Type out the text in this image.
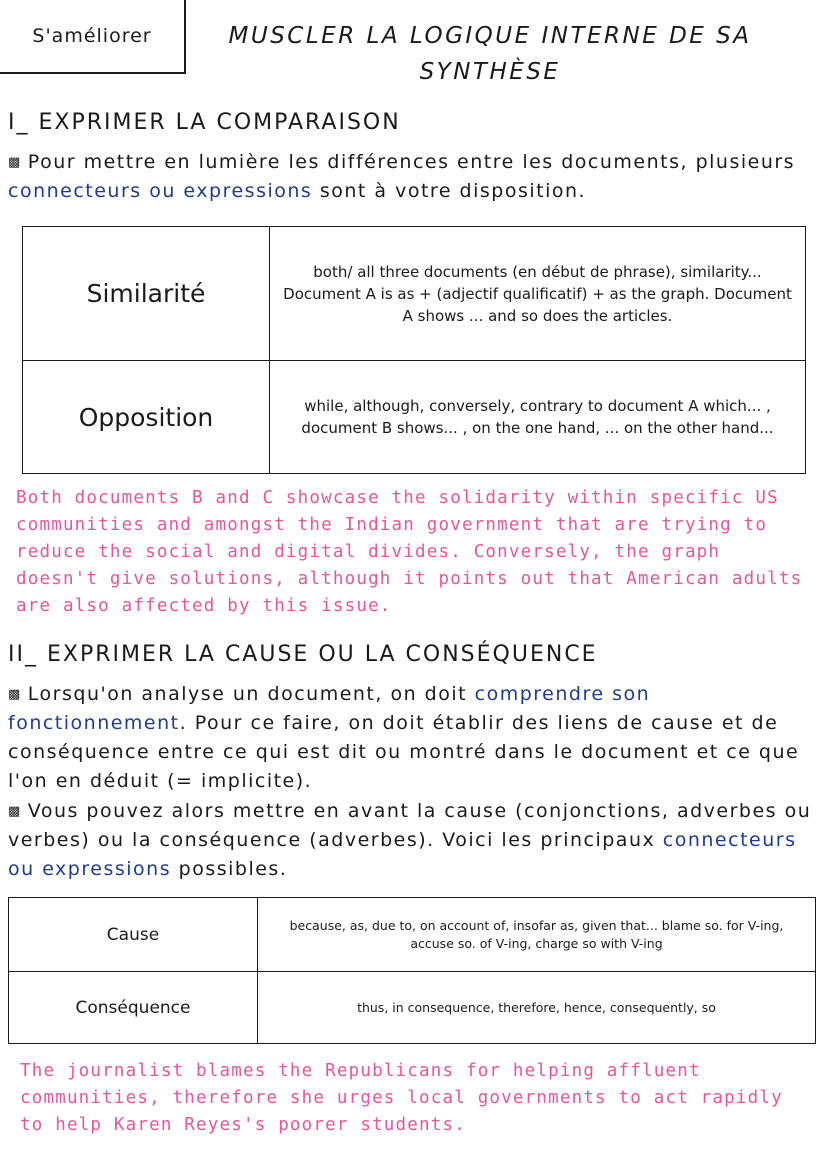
S'améliorer	MUSCLER LA LOGIQUE INTERNE DE SA
SYNTHÈSE
I_ EXPRIMER LA COMPARAISON
▩ Pour mettre en lumière les différences entre les documents, plusieurs connecteurs ou expressions sont à votre disposition.
Similarité	both/ all three documents (en début de phrase), similarity... Document A is as + (adjectif qualificatif) + as the graph. Document A shows ... and so does the articles.
Opposition	while, although, conversely, contrary to document A which... , document B shows... , on the one hand, ... on the other hand...
Both documents B and C showcase the solidarity within specific US communities and amongst the Indian government that are trying to reduce the social and digital divides. Conversely, the graph doesn't give solutions, although it points out that American adults are also affected by this issue.
II_ EXPRIMER LA CAUSE OU LA CONSÉQUENCE
▩ Lorsqu'on analyse un document, on doit comprendre son fonctionnement. Pour ce faire, on doit établir des liens de cause et de conséquence entre ce qui est dit ou montré dans le document et ce que l'on en déduit (= implicite).
▩ Vous pouvez alors mettre en avant la cause (conjonctions, adverbes ou verbes) ou la conséquence (adverbes). Voici les principaux connecteurs ou expressions possibles.
Cause	because, as, due to, on account of, insofar as, given that... blame so. for V-ing, accuse so. of V-ing, charge so with V-ing
Conséquence	thus, in consequence, therefore, hence, consequently, so
The journalist blames the Republicans for helping affluent communities, therefore she urges local governments to act rapidly to help Karen Reyes's poorer students.
